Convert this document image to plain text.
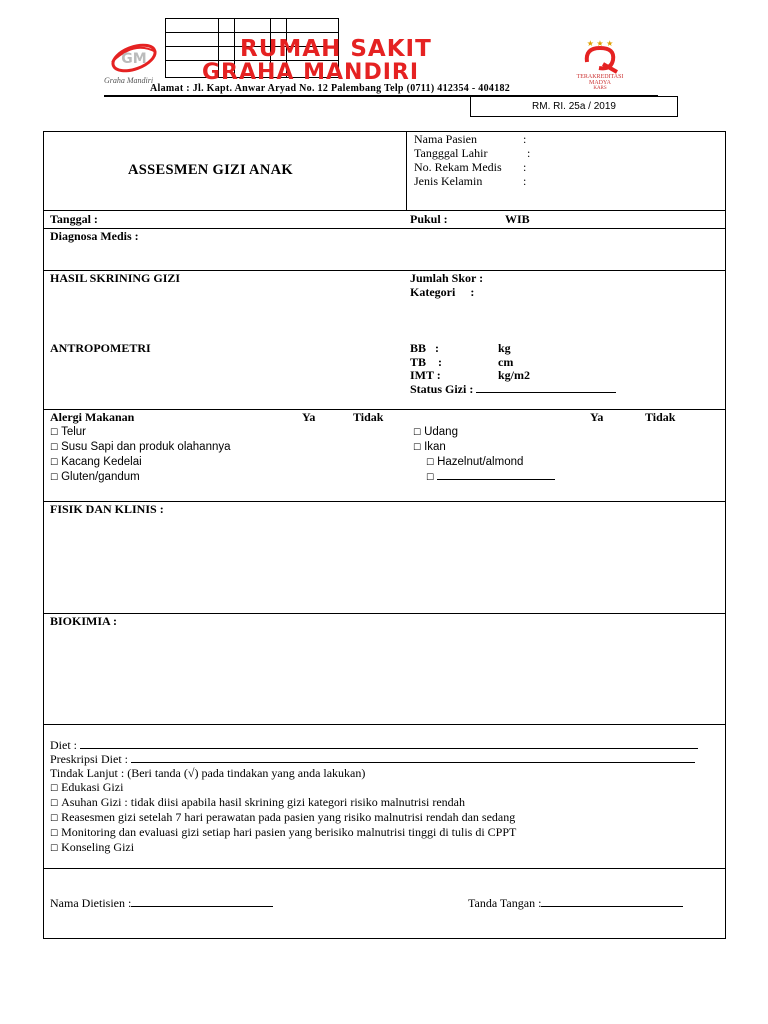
GM
Graha Mandiri
RUMAH SAKIT
GRAHA MANDIRI
★ ★ ★
TERAKREDITASI MADYA
KARS
Alamat : Jl. Kapt. Anwar Aryad No. 12 Palembang Telp (0711) 412354 - 404182
RM. RI. 25a / 2019
ASSESMEN GIZI ANAK
Nama Pasien	:
Tangggal Lahir	:
No. Rekam Medis :
Jenis Kelamin	:
Tanggal :	Pukul :	WIB
Diagnosa Medis :
HASIL SKRINING GIZI	Jumlah Skor :
Kategori     :
ANTROPOMETRI	BB   :	kg
TB    :	cm
IMT :	kg/m2
Status Gizi :
Alergi Makanan	Ya	Tidak	Ya	Tidak
☐ Telur
☐ Susu Sapi dan produk olahannya
☐ Kacang Kedelai
☐ Gluten/gandum
☐ Udang
☐ Ikan
☐ Hazelnut/almond
☐
FISIK DAN KLINIS :
BIOKIMIA :
Diet :
Preskripsi Diet :
Tindak Lanjut : (Beri tanda (√) pada tindakan yang anda lakukan)
☐ Edukasi Gizi
☐ Asuhan Gizi : tidak diisi apabila hasil skrining gizi kategori risiko malnutrisi rendah
☐ Reasesmen gizi setelah 7 hari perawatan pada pasien yang risiko malnutrisi rendah dan sedang
☐ Monitoring dan evaluasi gizi setiap hari pasien yang berisiko malnutrisi tinggi di tulis di CPPT
☐ Konseling Gizi
Nama Dietisien :	Tanda Tangan :
